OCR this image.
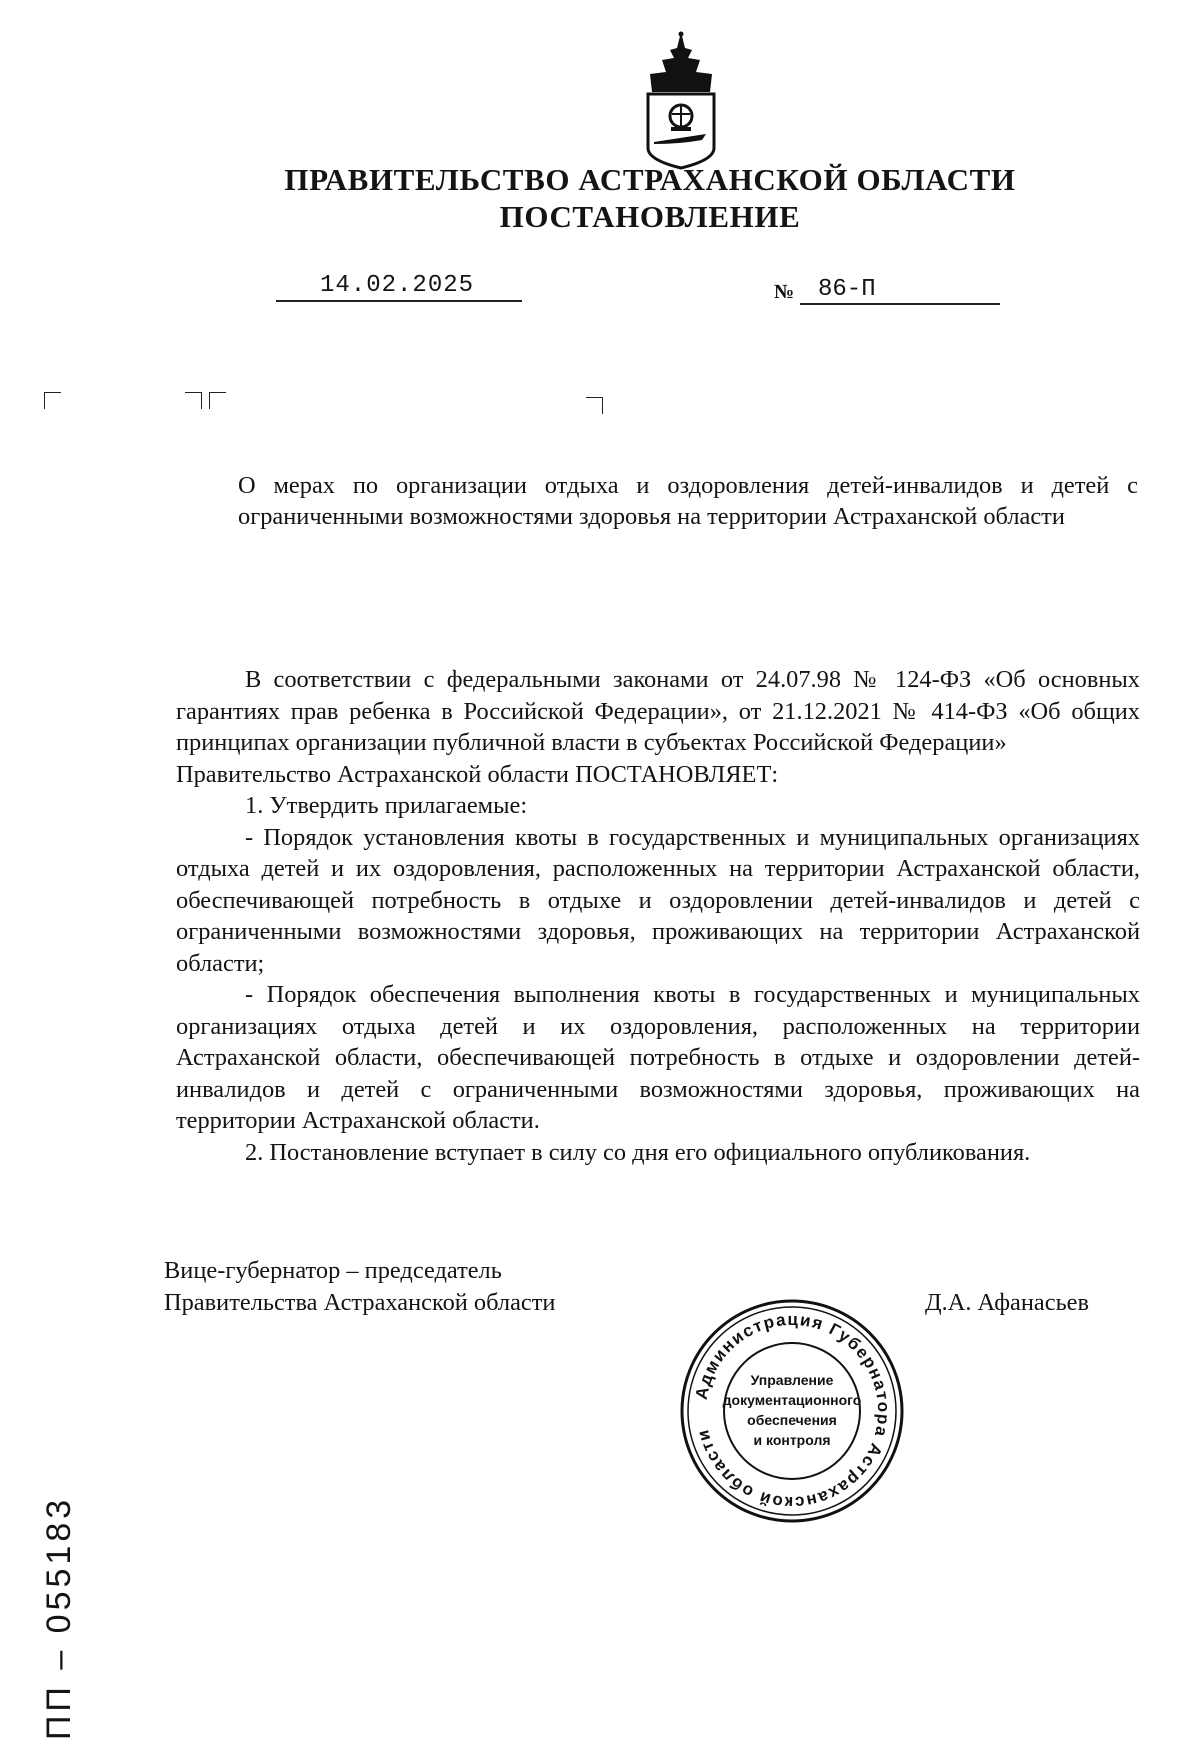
ПРАВИТЕЛЬСТВО АСТРАХАНСКОЙ ОБЛАСТИ
ПОСТАНОВЛЕНИЕ
14.02.2025	№ 86-П
О мерах по организации отдыха и оздоровления детей-инвалидов и детей с ограниченными возможностями здоровья на территории Астраханской области

В соответствии с федеральными законами от 24.07.98 № 124-ФЗ «Об основных гарантиях прав ребенка в Российской Федерации», от 21.12.2021 № 414-ФЗ «Об общих принципах организации публичной власти в субъектах Российской Федерации»

Правительство Астраханской области ПОСТАНОВЛЯЕТ:

1. Утвердить прилагаемые:

- Порядок установления квоты в государственных и муниципальных организациях отдыха детей и их оздоровления, расположенных на территории Астраханской области, обеспечивающей потребность в отдыхе и оздоровлении детей-инвалидов и детей с ограниченными возможностями здоровья, проживающих на территории Астраханской области;

- Порядок обеспечения выполнения квоты в государственных и муниципальных организациях отдыха детей и их оздоровления, расположенных на территории Астраханской области, обеспечивающей потребность в отдыхе и оздоровлении детей-инвалидов и детей с ограниченными возможностями здоровья, проживающих на территории Астраханской области.

2. Постановление вступает в силу со дня его официального опубликования.

Вице-губернатор – председатель
Правительства Астраханской области	Д.А. Афанасьев
Администрация Губернатора Астраханской области
Управление
документационного
обеспечения
и контроля
ПП – 055183
